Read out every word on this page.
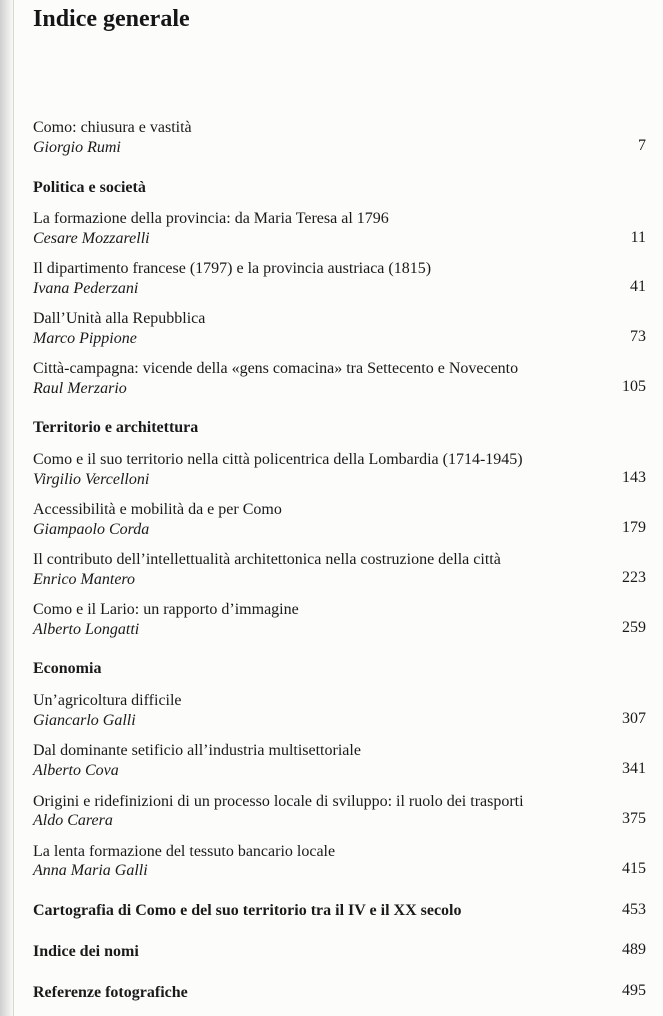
Indice generale
Como: chiusura e vastità
Giorgio Rumi	7
Politica e società
La formazione della provincia: da Maria Teresa al 1796
Cesare Mozzarelli	11
Il dipartimento francese (1797) e la provincia austriaca (1815)
Ivana Pederzani	41
Dall’Unità alla Repubblica
Marco Pippione	73
Città-campagna: vicende della «gens comacina» tra Settecento e Novecento
Raul Merzario	105
Territorio e architettura
Como e il suo territorio nella città policentrica della Lombardia (1714-1945)
Virgilio Vercelloni	143
Accessibilità e mobilità da e per Como
Giampaolo Corda	179
Il contributo dell’intellettualità architettonica nella costruzione della città
Enrico Mantero	223
Como e il Lario: un rapporto d’immagine
Alberto Longatti	259
Economia
Un’agricoltura difficile
Giancarlo Galli	307
Dal dominante setificio all’industria multisettoriale
Alberto Cova	341
Origini e ridefinizioni di un processo locale di sviluppo: il ruolo dei trasporti
Aldo Carera	375
La lenta formazione del tessuto bancario locale
Anna Maria Galli	415
Cartografia di Como e del suo territorio tra il IV e il XX secolo	453
Indice dei nomi	489
Referenze fotografiche	495
